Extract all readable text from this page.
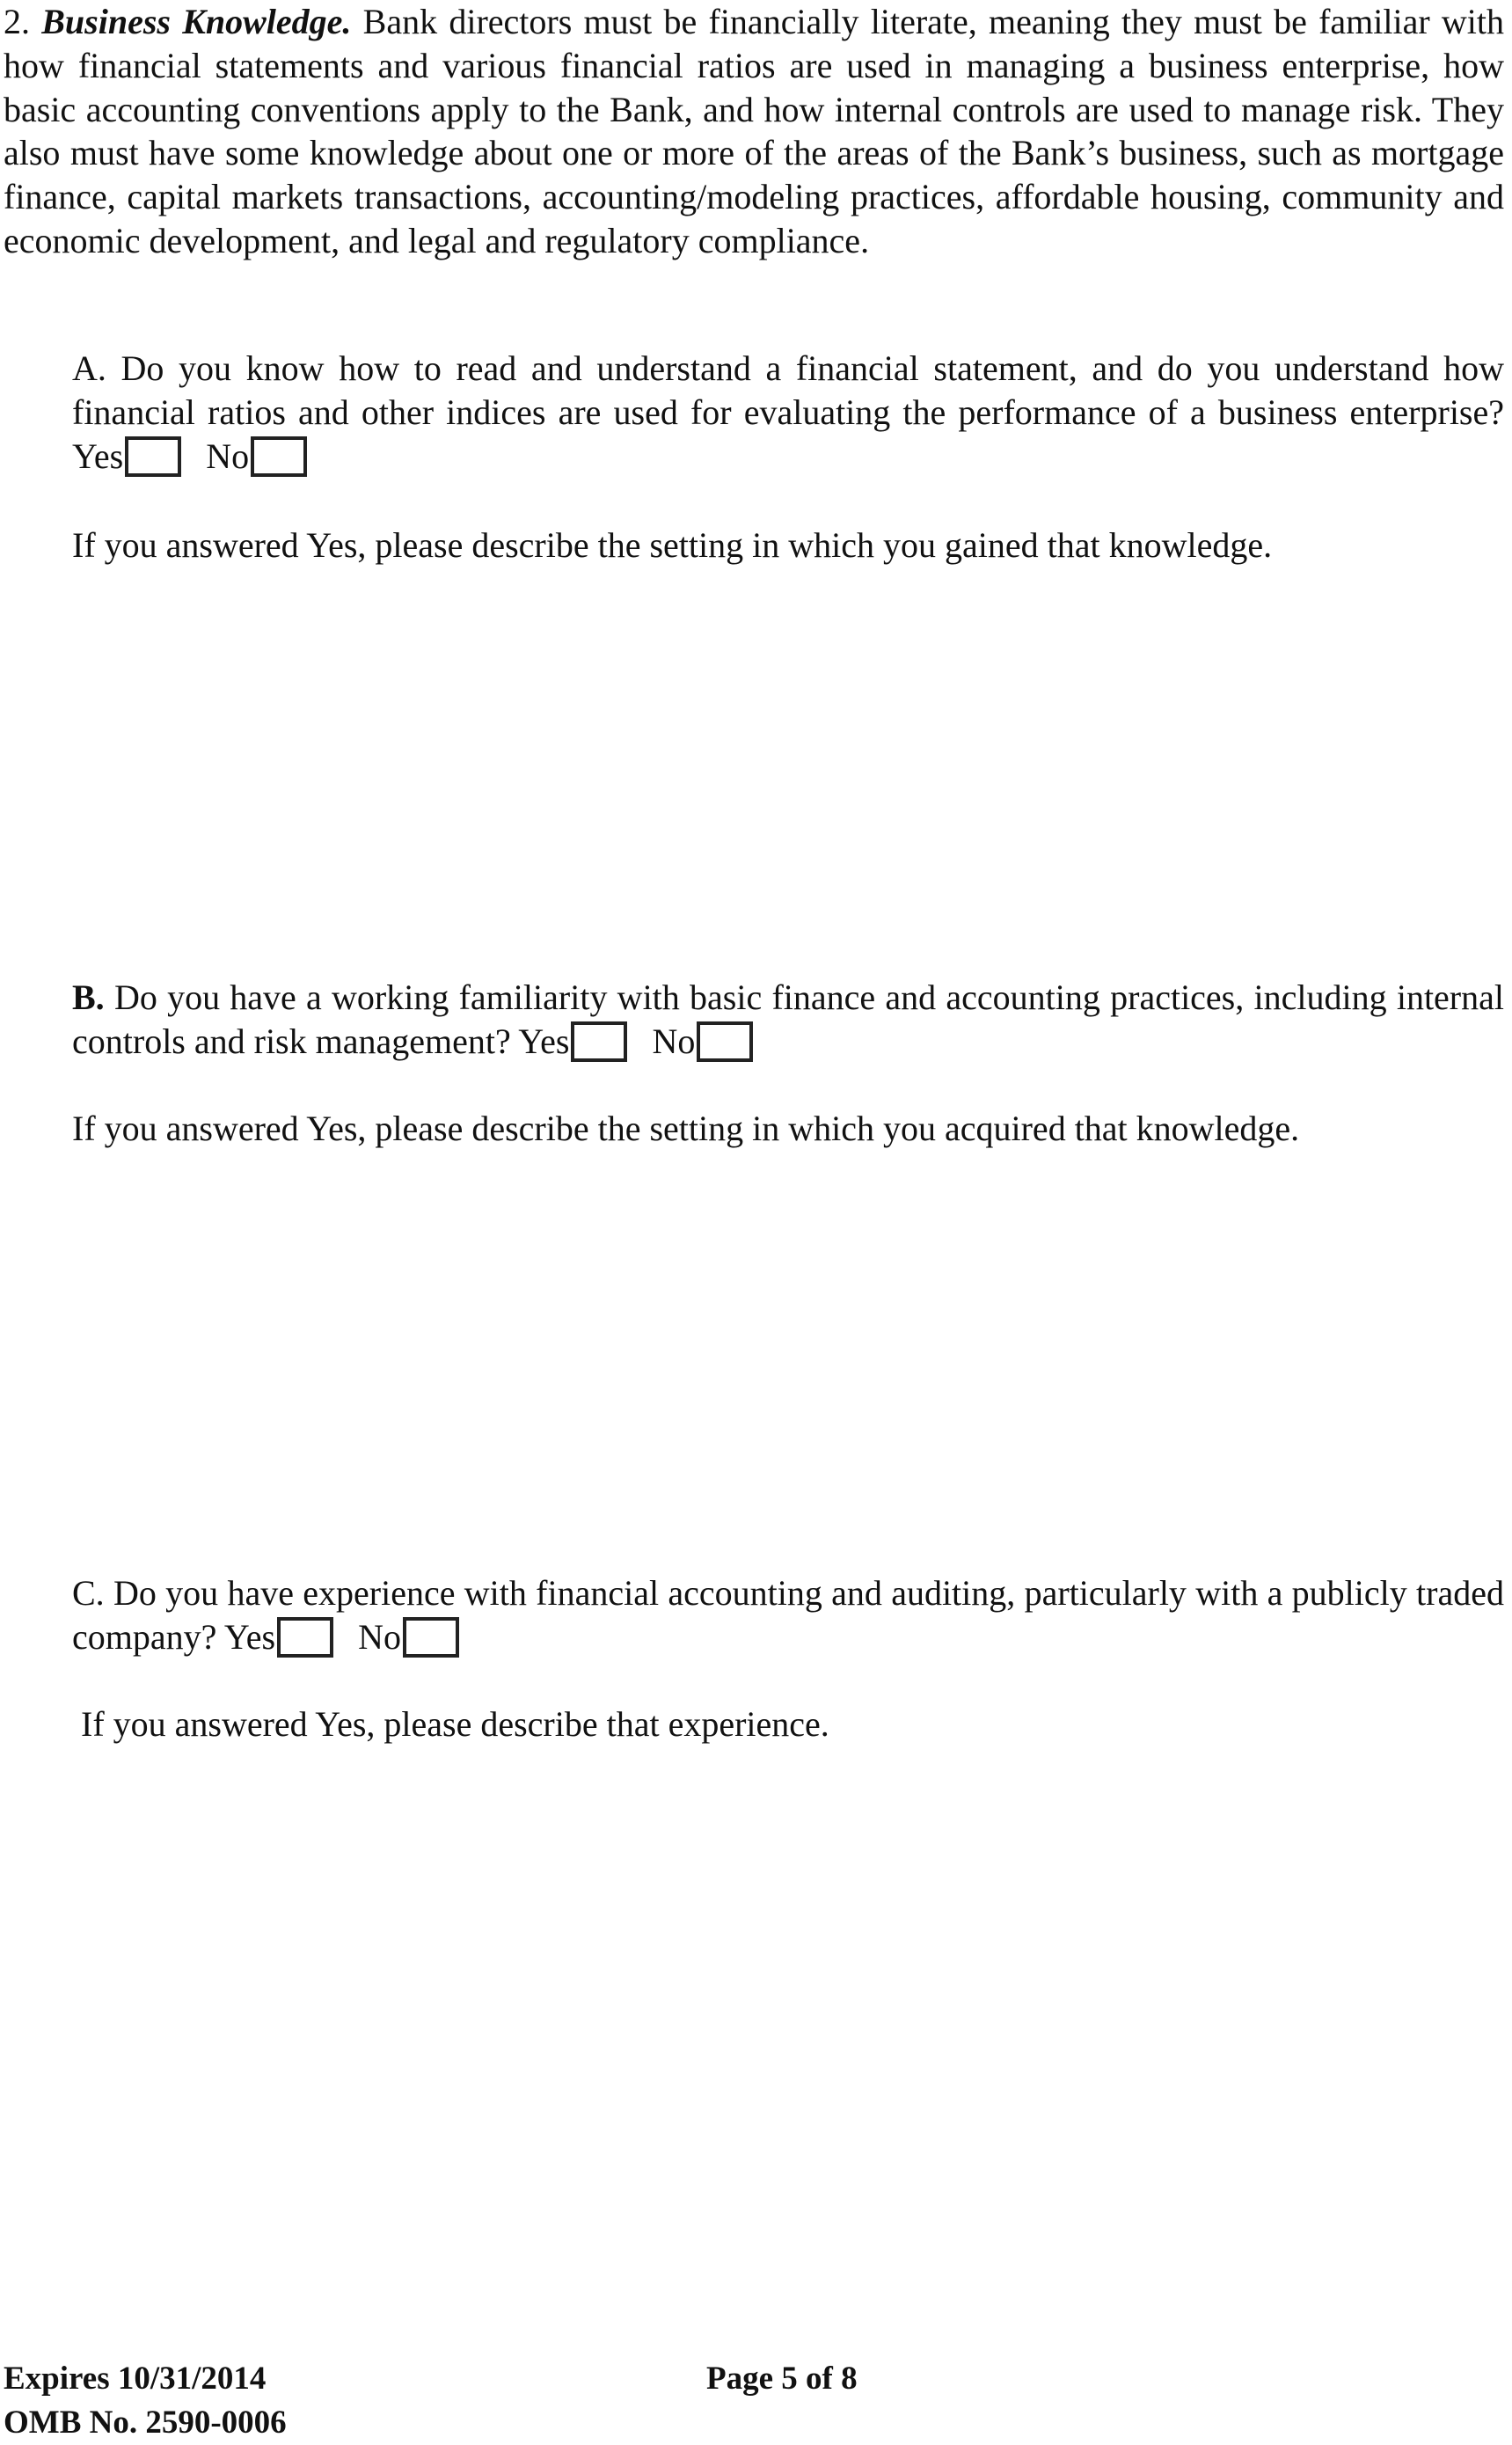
2. Business Knowledge. Bank directors must be financially literate, meaning they must be familiar with how financial statements and various financial ratios are used in managing a business enterprise, how basic accounting conventions apply to the Bank, and how internal controls are used to manage risk. They also must have some knowledge about one or more of the areas of the Bank’s business, such as mortgage finance, capital markets transactions, accounting/modeling practices, affordable housing, community and economic development, and legal and regulatory compliance.

A. Do you know how to read and understand a financial statement, and do you understand how financial ratios and other indices are used for evaluating the performance of a business enterprise? Yes No

If you answered Yes, please describe the setting in which you gained that knowledge.

B. Do you have a working familiarity with basic finance and accounting practices, including internal controls and risk management? Yes No

If you answered Yes, please describe the setting in which you acquired that knowledge.

C. Do you have experience with financial accounting and auditing, particularly with a publicly traded company? Yes No

If you answered Yes, please describe that experience.

Expires 10/31/2014
OMB No. 2590-0006

Page 5 of 8
